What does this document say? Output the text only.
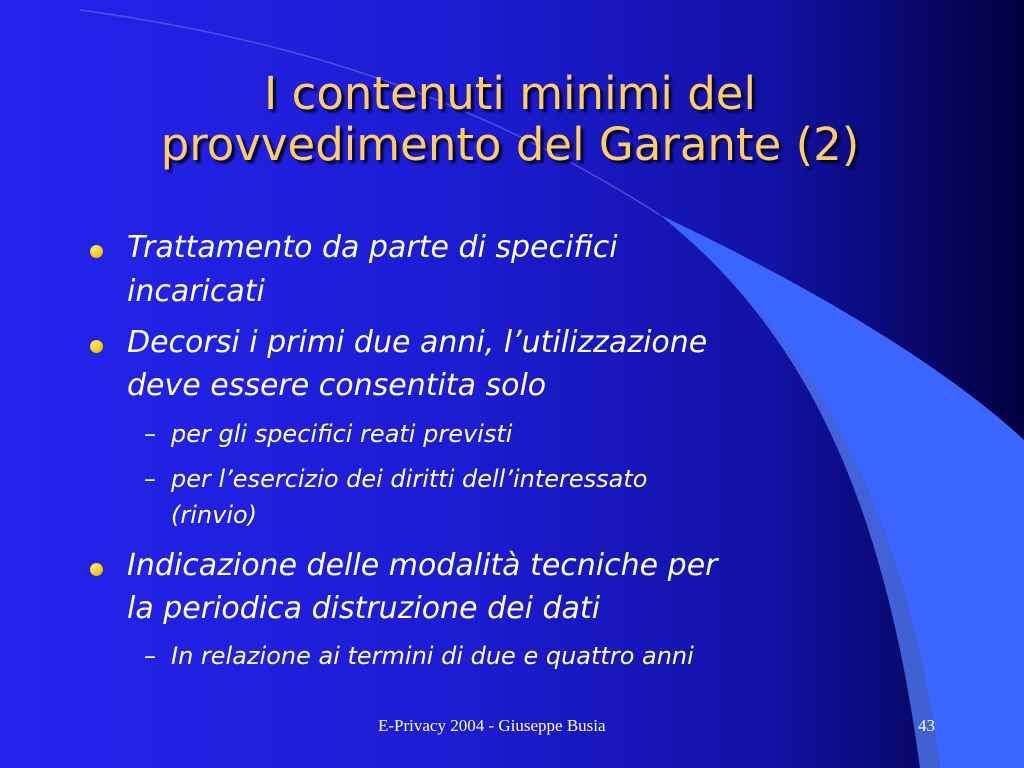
I contenuti minimi del
provvedimento del Garante (2)
Trattamento da parte di specifici
incaricati
Decorsi i primi due anni, l’utilizzazione
deve essere consentita solo
– per gli specifici reati previsti
– per l’esercizio dei diritti dell’interessato
(rinvio)
Indicazione delle modalità tecniche per
la periodica distruzione dei dati
– In relazione ai termini di due e quattro anni
E-Privacy 2004 - Giuseppe Busia	43
